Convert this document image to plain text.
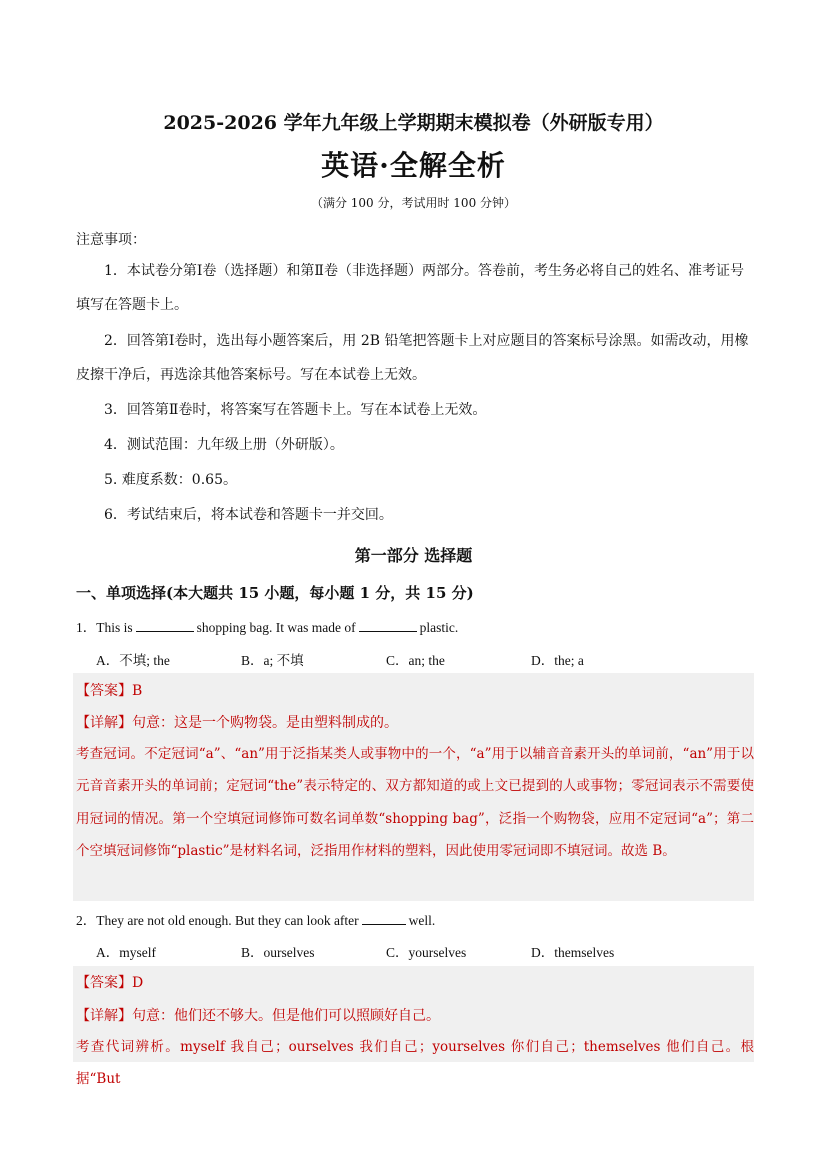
2025-2026 学年九年级上学期期末模拟卷（外研版专用）
英语·全解全析
（满分 100 分，考试用时 100 分钟）
注意事项：
1．本试卷分第Ⅰ卷（选择题）和第Ⅱ卷（非选择题）两部分。答卷前，考生务必将自己的姓名、准考证号填写在答题卡上。
2．回答第Ⅰ卷时，选出每小题答案后，用 2B 铅笔把答题卡上对应题目的答案标号涂黑。如需改动，用橡皮擦干净后，再选涂其他答案标号。写在本试卷上无效。
3．回答第Ⅱ卷时，将答案写在答题卡上。写在本试卷上无效。
4．测试范围：九年级上册（外研版）。
5. 难度系数：0.65。
6．考试结束后，将本试卷和答题卡一并交回。
第一部分 选择题
一、单项选择(本大题共 15 小题，每小题 1 分，共 15 分)
1．This is	shopping bag. It was made of	plastic.
A．不填; the	B．a; 不填	C．an; the	D．the; a
【答案】B
【详解】句意：这是一个购物袋。是由塑料制成的。
考查冠词。不定冠词“a”、“an”用于泛指某类人或事物中的一个，“a”用于以辅音音素开头的单词前，“an”用于以元音音素开头的单词前；定冠词“the”表示特定的、双方都知道的或上文已提到的人或事物；零冠词表示不需要使用冠词的情况。第一个空填冠词修饰可数名词单数“shopping bag”，泛指一个购物袋，应用不定冠词“a”；第二个空填冠词修饰“plastic”是材料名词，泛指用作材料的塑料，因此使用零冠词即不填冠词。故选 B。
2．They are not old enough. But they can look after	well.
A．myself	B．ourselves	C．yourselves	D．themselves
【答案】D
【详解】句意：他们还不够大。但是他们可以照顾好自己。
考查代词辨析。myself 我自己；ourselves 我们自己；yourselves 你们自己；themselves 他们自己。根据“But
